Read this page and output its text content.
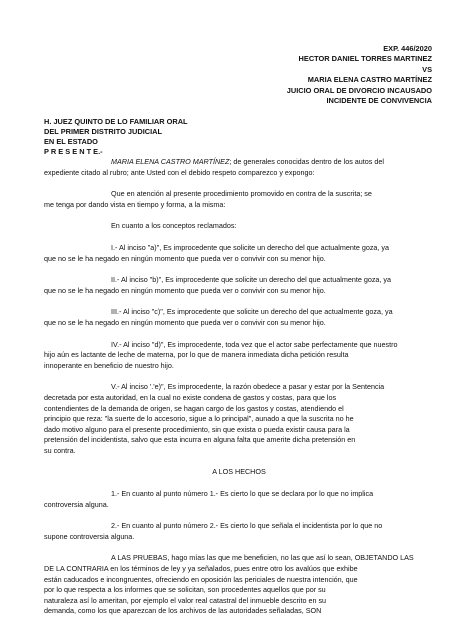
EXP. 446/2020
HECTOR DANIEL TORRES MARTINEZ
VS
MARIA ELENA CASTRO MARTÍNEZ
JUICIO ORAL DE DIVORCIO INCAUSADO
INCIDENTE DE CONVIVENCIA
H. JUEZ QUINTO DE LO FAMILIAR ORAL
DEL PRIMER DISTRITO JUDICIAL
EN EL ESTADO
P R E S E N T E.-
MARIA ELENA CASTRO MARTÍNEZ; de generales conocidas dentro de los autos del
expediente citado al rubro; ante Usted con el debido respeto comparezco y expongo:
Que en atención al presente procedimiento promovido en contra de la suscrita; se
me tenga por dando vista en tiempo y forma, a la misma:
En cuanto a los conceptos reclamados:
I.- Al inciso "a)", Es improcedente que solicite un derecho del que actualmente goza, ya
que no se le ha negado en ningún momento que pueda ver o convivir con su menor hijo.
II.- Al inciso "b)", Es improcedente que solicite un derecho del que actualmente goza, ya
que no se le ha negado en ningún momento que pueda ver o convivir con su menor hijo.
III.- Al inciso "c)", Es improcedente que solicite un derecho del que actualmente goza, ya
que no se le ha negado en ningún momento que pueda ver o convivir con su menor hijo.
IV.- Al inciso "d)", Es improcedente, toda vez que el actor sabe perfectamente que nuestro
hijo aún es lactante de leche de materna, por lo que de manera inmediata dicha petición resulta
innoperante en beneficio de nuestro hijo.
V.- Al inciso '.'e)", Es improcedente, la razón obedece a pasar y estar por la Sentencia
decretada por esta autoridad, en la cual no existe condena de gastos y costas, para que los
contendientes de la demanda de origen, se hagan cargo de los gastos y costas, atendiendo el
principio que reza: "la suerte de lo accesorio, sigue a lo principal", aunado a que la suscrita no he
dado motivo alguno para el presente procedimiento, sin que exista o pueda existir causa para la
pretensión del incidentista, salvo que esta incurra en alguna falta que amerite dicha pretensión en
su contra.
A LOS HECHOS
1.- En cuanto al punto número 1.- Es cierto lo que se declara por lo que no implica
controversia alguna.
2.- En cuanto al punto número 2.- Es cierto lo que señala el incidentista por lo que no
supone controversia alguna.
A LAS PRUEBAS, hago mías las que me beneficien, no las que así lo sean, OBJETANDO LAS
DE LA CONTRARIA en los términos de ley y ya señalados, pues entre otro los avalúos que exhibe
están caducados e incongruentes, ofreciendo en oposición las periciales de nuestra intención, que
por lo que respecta a los informes que se solicitan, son procedentes aquellos que por su
naturaleza así lo ameritan, por ejemplo el valor real catastral del inmueble descrito en su
demanda, como los que aparezcan de los archivos de las autoridades señaladas, SON
